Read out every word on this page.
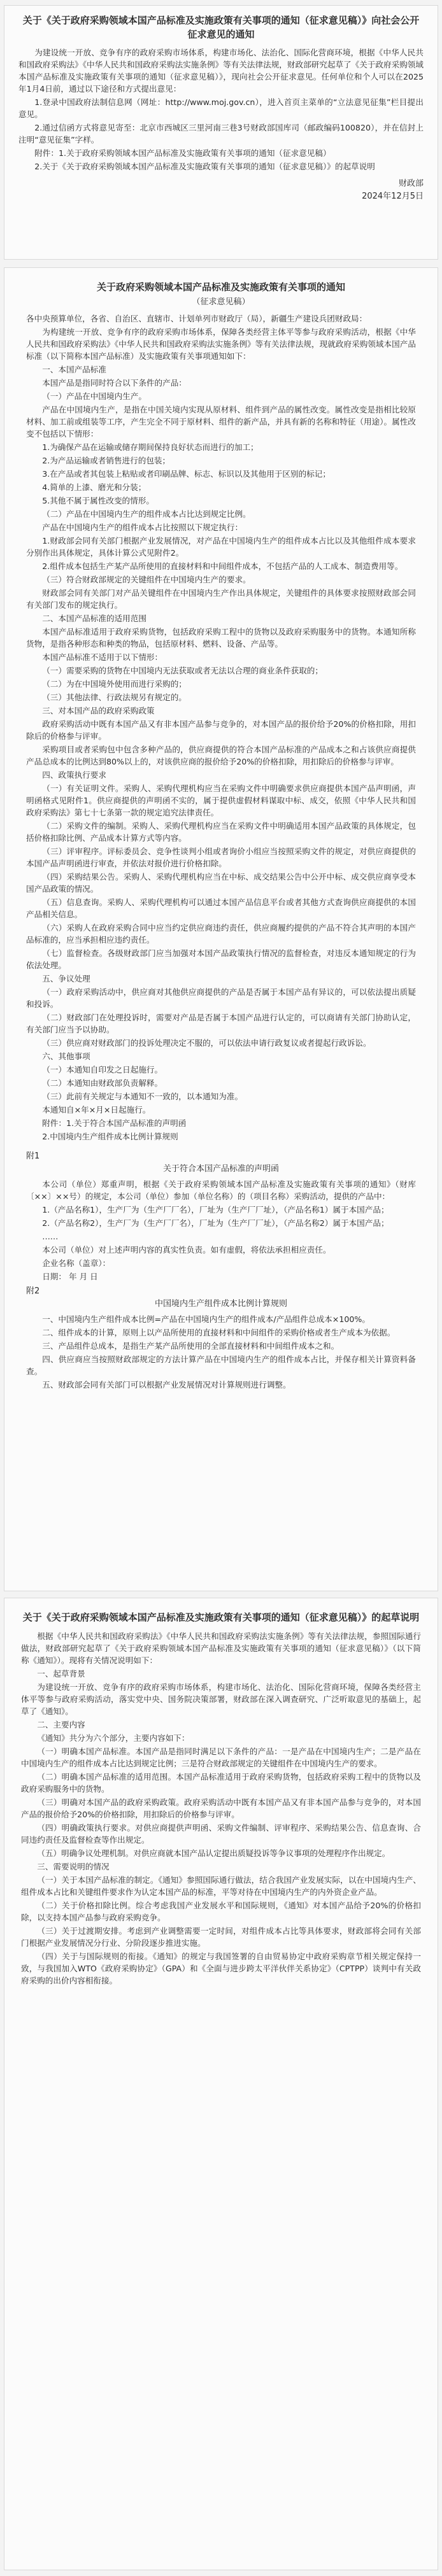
关于《关于政府采购领域本国产品标准及实施政策有关事项的通知（征求意见稿）》向社会公开征求意见的通知

为建设统一开放、竞争有序的政府采购市场体系，构建市场化、法治化、国际化营商环境，根据《中华人民共和国政府采购法》《中华人民共和国政府采购法实施条例》等有关法律法规，财政部研究起草了《关于政府采购领域本国产品标准及实施政策有关事项的通知（征求意见稿）》，现向社会公开征求意见。任何单位和个人可以在2025年1月4日前，通过以下途径和方式提出意见：

1.登录中国政府法制信息网（网址：http://www.moj.gov.cn），进入首页主菜单的“立法意见征集”栏目提出意见。

2.通过信函方式将意见寄至：北京市西城区三里河南三巷3号财政部国库司（邮政编码100820），并在信封上注明“意见征集”字样。

附件：1.关于政府采购领域本国产品标准及实施政策有关事项的通知（征求意见稿）

2.关于《关于政府采购领域本国产品标准及实施政策有关事项的通知（征求意见稿）》的起草说明

财政部

2024年12月5日

关于政府采购领域本国产品标准及实施政策有关事项的通知
（征求意见稿）

各中央预算单位，各省、自治区、直辖市、计划单列市财政厅（局），新疆生产建设兵团财政局：

为构建统一开放、竞争有序的政府采购市场体系，保障各类经营主体平等参与政府采购活动，根据《中华人民共和国政府采购法》《中华人民共和国政府采购法实施条例》等有关法律法规，现就政府采购领域本国产品标准（以下简称本国产品标准）及实施政策有关事项通知如下：

一、本国产品标准

本国产品是指同时符合以下条件的产品：

（一）产品在中国境内生产。

产品在中国境内生产，是指在中国关境内实现从原材料、组件到产品的属性改变。属性改变是指相比较原材料、加工前或组装等工序，产生完全不同于原材料、组件的新产品，并具有新的名称和特征（用途）。属性改变不包括以下情形：

1.为确保产品在运输或储存期间保持良好状态而进行的加工；

2.为产品运输或者销售进行的包装；

3.在产品或者其包装上粘贴或者印刷品牌、标志、标识以及其他用于区别的标记；

4.简单的上漆、磨光和分装；

5.其他不属于属性改变的情形。

（二）产品在中国境内生产的组件成本占比达到规定比例。

产品在中国境内生产的组件成本占比按照以下规定执行：

1.财政部会同有关部门根据产业发展情况，对产品在中国境内生产的组件成本占比以及其他组件成本要求分别作出具体规定，具体计算公式见附件2。

2.组件成本包括生产某产品所使用的直接材料和中间组件成本，不包括产品的人工成本、制造费用等。

（三）符合财政部规定的关键组件在中国境内生产的要求。

财政部会同有关部门对产品关键组件在中国境内生产作出具体规定，关键组件的具体要求按照财政部会同有关部门发布的规定执行。

二、本国产品标准的适用范围

本国产品标准适用于政府采购货物，包括政府采购工程中的货物以及政府采购服务中的货物。本通知所称货物，是指各种形态和种类的物品，包括原材料、燃料、设备、产品等。

本国产品标准不适用于以下情形：

（一）需要采购的货物在中国境内无法获取或者无法以合理的商业条件获取的；

（二）为在中国境外使用而进行采购的；

（三）其他法律、行政法规另有规定的。

三、对本国产品的政府采购政策

政府采购活动中既有本国产品又有非本国产品参与竞争的，对本国产品的报价给予20%的价格扣除，用扣除后的价格参与评审。

采购项目或者采购包中包含多种产品的，供应商提供的符合本国产品标准的产品成本之和占该供应商提供产品总成本的比例达到80%以上的，对该供应商的报价给予20%的价格扣除，用扣除后的价格参与评审。

四、政策执行要求

（一）有关证明文件。采购人、采购代理机构应当在采购文件中明确要求供应商提供本国产品声明函，声明函格式见附件1。供应商提供的声明函不实的，属于提供虚假材料谋取中标、成交，依照《中华人民共和国政府采购法》第七十七条第一款的规定追究法律责任。

（二）采购文件的编制。采购人、采购代理机构应当在采购文件中明确适用本国产品政策的具体规定，包括价格扣除比例、产品成本计算方式等内容。

（三）评审程序。评标委员会、竞争性谈判小组或者询价小组应当按照采购文件的规定，对供应商提供的本国产品声明函进行审查，并依法对报价进行价格扣除。

（四）采购结果公告。采购人、采购代理机构应当在中标、成交结果公告中公开中标、成交供应商享受本国产品政策的情况。

（五）信息查询。采购人、采购代理机构可以通过本国产品信息平台或者其他方式查询供应商提供的本国产品相关信息。

（六）采购人在政府采购合同中应当约定供应商违约责任，供应商履约提供的产品不符合其声明的本国产品标准的，应当承担相应违约责任。

（七）监督检查。各级财政部门应当加强对本国产品政策执行情况的监督检查，对违反本通知规定的行为依法处理。

五、争议处理

（一）政府采购活动中，供应商对其他供应商提供的产品是否属于本国产品有异议的，可以依法提出质疑和投诉。

（二）财政部门在处理投诉时，需要对产品是否属于本国产品进行认定的，可以商请有关部门协助认定，有关部门应当予以协助。

（三）供应商对财政部门的投诉处理决定不服的，可以依法申请行政复议或者提起行政诉讼。

六、其他事项

（一）本通知自印发之日起施行。

（二）本通知由财政部负责解释。

（三）此前有关规定与本通知不一致的，以本通知为准。

本通知自×年×月×日起施行。

附件：1.关于符合本国产品标准的声明函

2.中国境内生产组件成本比例计算规则

附1
关于符合本国产品标准的声明函

本公司（单位）郑重声明，根据《关于政府采购领域本国产品标准及实施政策有关事项的通知》（财库〔××〕××号）的规定，本公司（单位）参加（单位名称）的（项目名称）采购活动，提供的产品中：

1.（产品名称1），生产厂为（生产厂厂名），厂址为（生产厂厂址），（产品名称1）属于本国产品；

2.（产品名称2），生产厂为（生产厂厂名），厂址为（生产厂厂址），（产品名称2）属于本国产品；

……

本公司（单位）对上述声明内容的真实性负责。如有虚假，将依法承担相应责任。

企业名称（盖章）：

日期： 年 月 日

附2
中国境内生产组件成本比例计算规则

一、中国境内生产组件成本比例=产品在中国境内生产的组件成本/产品组件总成本×100%。

二、组件成本的计算，原则上以产品所使用的直接材料和中间组件的采购价格或者生产成本为依据。

三、产品组件总成本，是指生产某产品所使用的全部直接材料和中间组件成本之和。

四、供应商应当按照财政部规定的方法计算产品在中国境内生产的组件成本占比，并保存相关计算资料备查。

五、财政部会同有关部门可以根据产业发展情况对计算规则进行调整。

关于《关于政府采购领域本国产品标准及实施政策有关事项的通知（征求意见稿）》的起草说明

根据《中华人民共和国政府采购法》《中华人民共和国政府采购法实施条例》等有关法律法规，参照国际通行做法，财政部研究起草了《关于政府采购领域本国产品标准及实施政策有关事项的通知（征求意见稿）》（以下简称《通知》）。现将有关情况说明如下：

一、起草背景

为建设统一开放、竞争有序的政府采购市场体系，构建市场化、法治化、国际化营商环境，保障各类经营主体平等参与政府采购活动，落实党中央、国务院决策部署，财政部在深入调查研究、广泛听取意见的基础上，起草了《通知》。

二、主要内容

《通知》共分为六个部分，主要内容如下：

（一）明确本国产品标准。本国产品是指同时满足以下条件的产品：一是产品在中国境内生产；二是产品在中国境内生产的组件成本占比达到规定比例；三是符合财政部规定的关键组件在中国境内生产的要求。

（二）明确本国产品标准的适用范围。本国产品标准适用于政府采购货物，包括政府采购工程中的货物以及政府采购服务中的货物。

（三）明确对本国产品的政府采购政策。政府采购活动中既有本国产品又有非本国产品参与竞争的，对本国产品的报价给予20%的价格扣除，用扣除后的价格参与评审。

（四）明确政策执行要求。对供应商提供声明函、采购文件编制、评审程序、采购结果公告、信息查询、合同违约责任及监督检查等作出规定。

（五）明确争议处理机制。对供应商就本国产品认定提出质疑投诉等争议事项的处理程序作出规定。

三、需要说明的情况

（一）关于本国产品标准的制定。《通知》参照国际通行做法，结合我国产业发展实际，以在中国境内生产、组件成本占比和关键组件要求作为认定本国产品的标准，平等对待在中国境内生产的内外资企业产品。

（二）关于价格扣除比例。综合考虑我国产业发展水平和国际规则，《通知》对本国产品给予20%的价格扣除，以支持本国产品参与政府采购竞争。

（三）关于过渡期安排。考虑到产业调整需要一定时间，对组件成本占比等具体要求，财政部将会同有关部门根据产业发展情况分行业、分阶段逐步推进实施。

（四）关于与国际规则的衔接。《通知》的规定与我国签署的自由贸易协定中政府采购章节相关规定保持一致，与我国加入WTO《政府采购协定》（GPA）和《全面与进步跨太平洋伙伴关系协定》（CPTPP）谈判中有关政府采购的出价内容相衔接。
